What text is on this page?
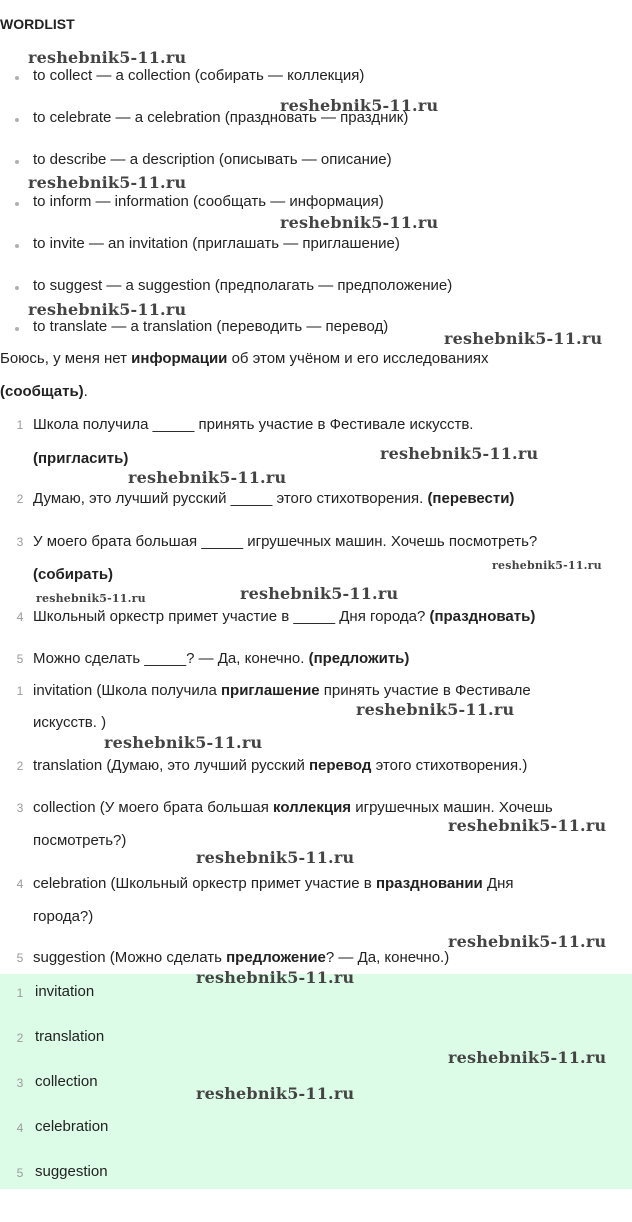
WORDLIST
to collect — a collection (собирать — коллекция)
to celebrate — a celebration (праздновать — праздник)
to describe — a description (описывать — описание)
to inform — information (сообщать — информация)
to invite — an invitation (приглашать — приглашение)
to suggest — a suggestion (предполагать — предположение)
to translate — a translation (переводить — перевод)
Боюсь, у меня нет информации об этом учёном и его исследованиях
(сообщать).
1 Школа получила _____ принять участие в Фестивале искусств.
(пригласить)
2 Думаю, это лучший русский _____ этого стихотворения. (перевести)
3 У моего брата большая _____ игрушечных машин. Хочешь посмотреть?
(собирать)
4 Школьный оркестр примет участие в _____ Дня города? (праздновать)
5 Можно сделать _____? — Да, конечно. (предложить)
1 invitation (Школа получила приглашение принять участие в Фестивале
искусств. )
2 translation (Думаю, это лучший русский перевод этого стихотворения.)
3 collection (У моего брата большая коллекция игрушечных машин. Хочешь
посмотреть?)
4 celebration (Школьный оркестр примет участие в праздновании Дня
города?)
5 suggestion (Можно сделать предложение? — Да, конечно.)
1 invitation
2 translation
3 collection
4 celebration
5 suggestion
reshebnik5-11.ru
reshebnik5-11.ru
reshebnik5-11.ru
reshebnik5-11.ru
reshebnik5-11.ru
reshebnik5-11.ru
reshebnik5-11.ru
reshebnik5-11.ru
reshebnik5-11.ru
reshebnik5-11.ru
reshebnik5-11.ru
reshebnik5-11.ru
reshebnik5-11.ru
reshebnik5-11.ru
reshebnik5-11.ru
reshebnik5-11.ru
reshebnik5-11.ru
reshebnik5-11.ru
reshebnik5-11.ru
